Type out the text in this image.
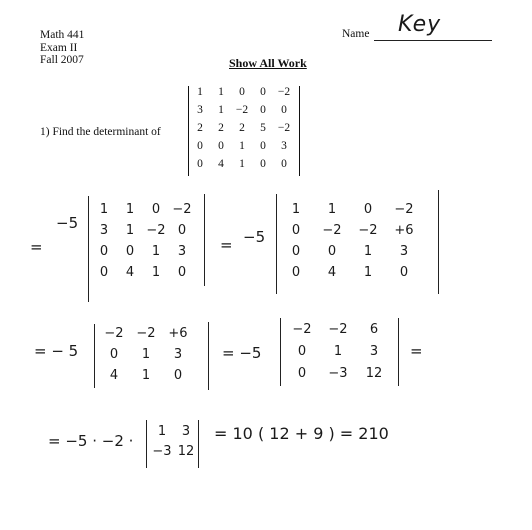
Math 441
Exam II
Fall 2007
Name Key
Show All Work
1) Find the determinant of
1	1	0	0	−2
3	1	−2	0	0
2	2	2	5	−2
0	0	1	0	3
0	4	1	0	0
=
−5
1	1	0 −2
3	1 −2 0
0	0	1	3
0	4	1	0
= −5
1	1	0	−2
0	−2 −2 +6
0	0	1	3
0	4	1	0
= − 5
−2 −2 +6
0	1	3
4	1	0
= −5
−2 −2	6
0	1	3
0	−3 12
=
= −5 · −2 ·
1	3
−3 12
= 10 ( 12 + 9 ) = 210
